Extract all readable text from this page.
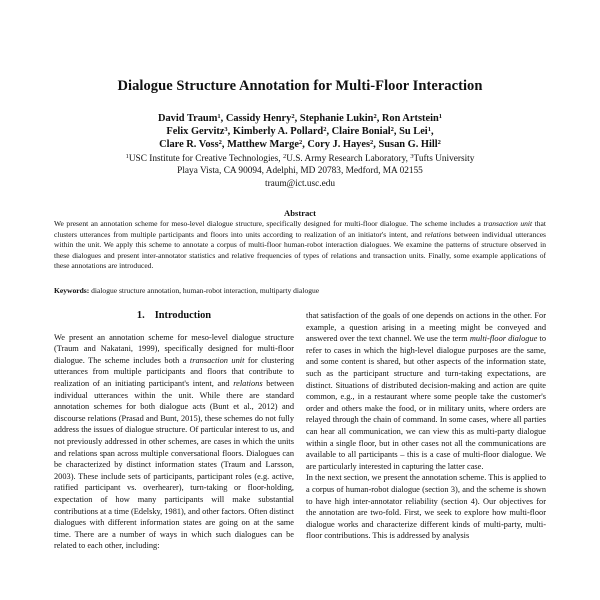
Dialogue Structure Annotation for Multi-Floor Interaction
David Traum$^1$, Cassidy Henry$^2$, Stephanie Lukin$^2$, Ron Artstein$^1$
Felix Gervitz$^3$, Kimberly A. Pollard$^2$, Claire Bonial$^2$, Su Lei$^1$,
Clare R. Voss$^2$, Matthew Marge$^2$, Cory J. Hayes$^2$, Susan G. Hill$^2$
$^1$USC Institute for Creative Technologies, $^2$U.S. Army Research Laboratory, $^3$Tufts University
Playa Vista, CA 90094, Adelphi, MD 20783, Medford, MA 02155
traum@ict.usc.edu
Abstract
We present an annotation scheme for meso-level dialogue structure, specifically designed for multi-floor dialogue. The scheme includes a transaction unit that clusters utterances from multiple participants and floors into units according to realization of an initiator's intent, and relations between individual utterances within the unit. We apply this scheme to annotate a corpus of multi-floor human-robot interaction dialogues. We examine the patterns of structure observed in these dialogues and present inter-annotator statistics and relative frequencies of types of relations and transaction units. Finally, some example applications of these annotations are introduced.
Keywords: dialogue structure annotation, human-robot interaction, multiparty dialogue
1. Introduction

We present an annotation scheme for meso-level dialogue structure (Traum and Nakatani, 1999), specifically designed for multi-floor dialogue. The scheme includes both a transaction unit for clustering utterances from multiple participants and floors that contribute to realization of an initiating participant's intent, and relations between individual utterances within the unit. While there are standard annotation schemes for both dialogue acts (Bunt et al., 2012) and discourse relations (Prasad and Bunt, 2015), these schemes do not fully address the issues of dialogue structure. Of particular interest to us, and not previously addressed in other schemes, are cases in which the units and relations span across multiple conversational floors. Dialogues can be characterized by distinct information states (Traum and Larsson, 2003). These include sets of participants, participant roles (e.g. active, ratified participant vs. overhearer), turn-taking or floor-holding, expectation of how many participants will make substantial contributions at a time (Edelsky, 1981), and other factors. Often distinct dialogues with different information states are going on at the same time. There are a number of ways in which such dialogues can be related to each other, including:

that satisfaction of the goals of one depends on actions in the other. For example, a question arising in a meeting might be conveyed and answered over the text channel. We use the term multi-floor dialogue to refer to cases in which the high-level dialogue purposes are the same, and some content is shared, but other aspects of the information state, such as the participant structure and turn-taking expectations, are distinct. Situations of distributed decision-making and action are quite common, e.g., in a restaurant where some people take the customer's order and others make the food, or in military units, where orders are relayed through the chain of command. In some cases, where all parties can hear all communication, we can view this as multi-party dialogue within a single floor, but in other cases not all the communications are available to all participants – this is a case of multi-floor dialogue. We are particularly interested in capturing the latter case.

In the next section, we present the annotation scheme. This is applied to a corpus of human-robot dialogue (section 3), and the scheme is shown to have high inter-annotator reliability (section 4). Our objectives for the annotation are two-fold. First, we seek to explore how multi-floor dialogue works and characterize different kinds of multi-party, multi-floor contributions. This is addressed by analysis
